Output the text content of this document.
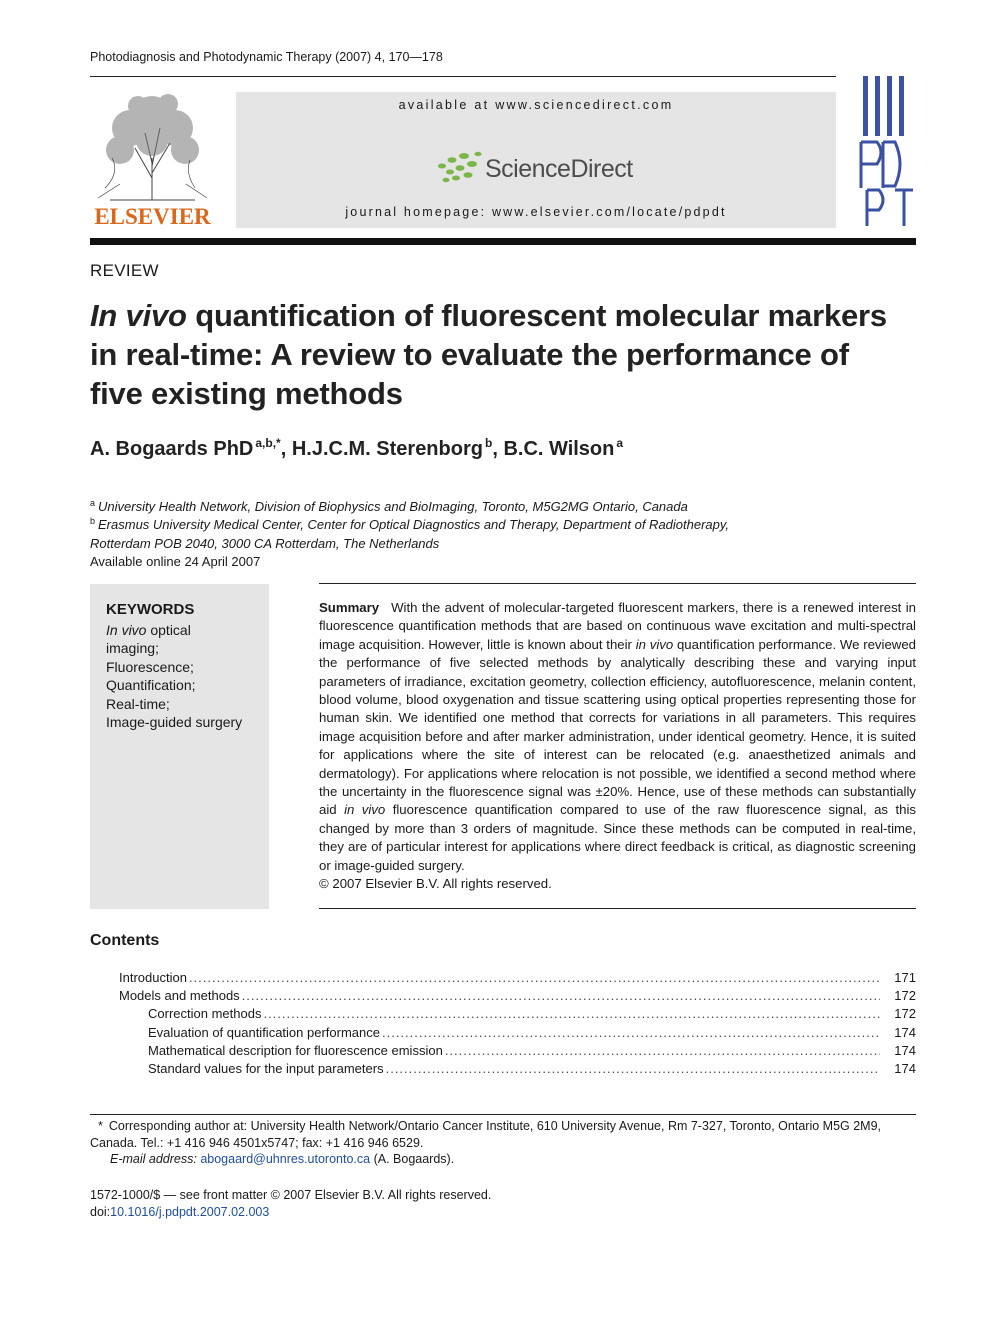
Photodiagnosis and Photodynamic Therapy (2007) 4, 170—178
ELSEVIER
available at www.sciencedirect.com
ScienceDirect
journal homepage: www.elsevier.com/locate/pdpdt
REVIEW
In vivo quantification of fluorescent molecular markers in real-time: A review to evaluate the performance of five existing methods
A. Bogaards PhD $^{a,b,*}$, H.J.C.M. Sterenborg $^b$, B.C. Wilson $^a$
$^a$ University Health Network, Division of Biophysics and BioImaging, Toronto, M5G2MG Ontario, Canada
$^b$ Erasmus University Medical Center, Center for Optical Diagnostics and Therapy, Department of Radiotherapy,
Rotterdam POB 2040, 3000 CA Rotterdam, The Netherlands
Available online 24 April 2007
KEYWORDS
In vivo optical
imaging;
Fluorescence;
Quantification;
Real-time;
Image-guided surgery
Summary With the advent of molecular-targeted fluorescent markers, there is a renewed interest in fluorescence quantification methods that are based on continuous wave excitation and multi-spectral image acquisition. However, little is known about their in vivo quantification performance. We reviewed the performance of five selected methods by analytically describing these and varying input parameters of irradiance, excitation geometry, collection efficiency, autofluorescence, melanin content, blood volume, blood oxygenation and tissue scattering using optical properties representing those for human skin. We identified one method that corrects for variations in all parameters. This requires image acquisition before and after marker administration, under identical geometry. Hence, it is suited for applications where the site of interest can be relocated (e.g. anaesthetized animals and dermatology). For applications where relocation is not possible, we identified a second method where the uncertainty in the fluorescence signal was ±20%. Hence, use of these methods can substantially aid in vivo fluorescence quantification compared to use of the raw fluorescence signal, as this changed by more than 3 orders of magnitude. Since these methods can be computed in real-time, they are of particular interest for applications where direct feedback is critical, as diagnostic screening or image-guided surgery.
© 2007 Elsevier B.V. All rights reserved.
Contents
Introduction .....	171
Models and methods .....	172
Correction methods .....	172
Evaluation of quantification performance .....	174
Mathematical description for fluorescence emission .....	174
Standard values for the input parameters .....	174
* Corresponding author at: University Health Network/Ontario Cancer Institute, 610 University Avenue, Rm 7-327, Toronto, Ontario M5G 2M9, Canada. Tel.: +1 416 946 4501x5747; fax: +1 416 946 6529.
E-mail address: abogaard@uhnres.utoronto.ca (A. Bogaards).
1572-1000/$ — see front matter © 2007 Elsevier B.V. All rights reserved.
doi:10.1016/j.pdpdt.2007.02.003
